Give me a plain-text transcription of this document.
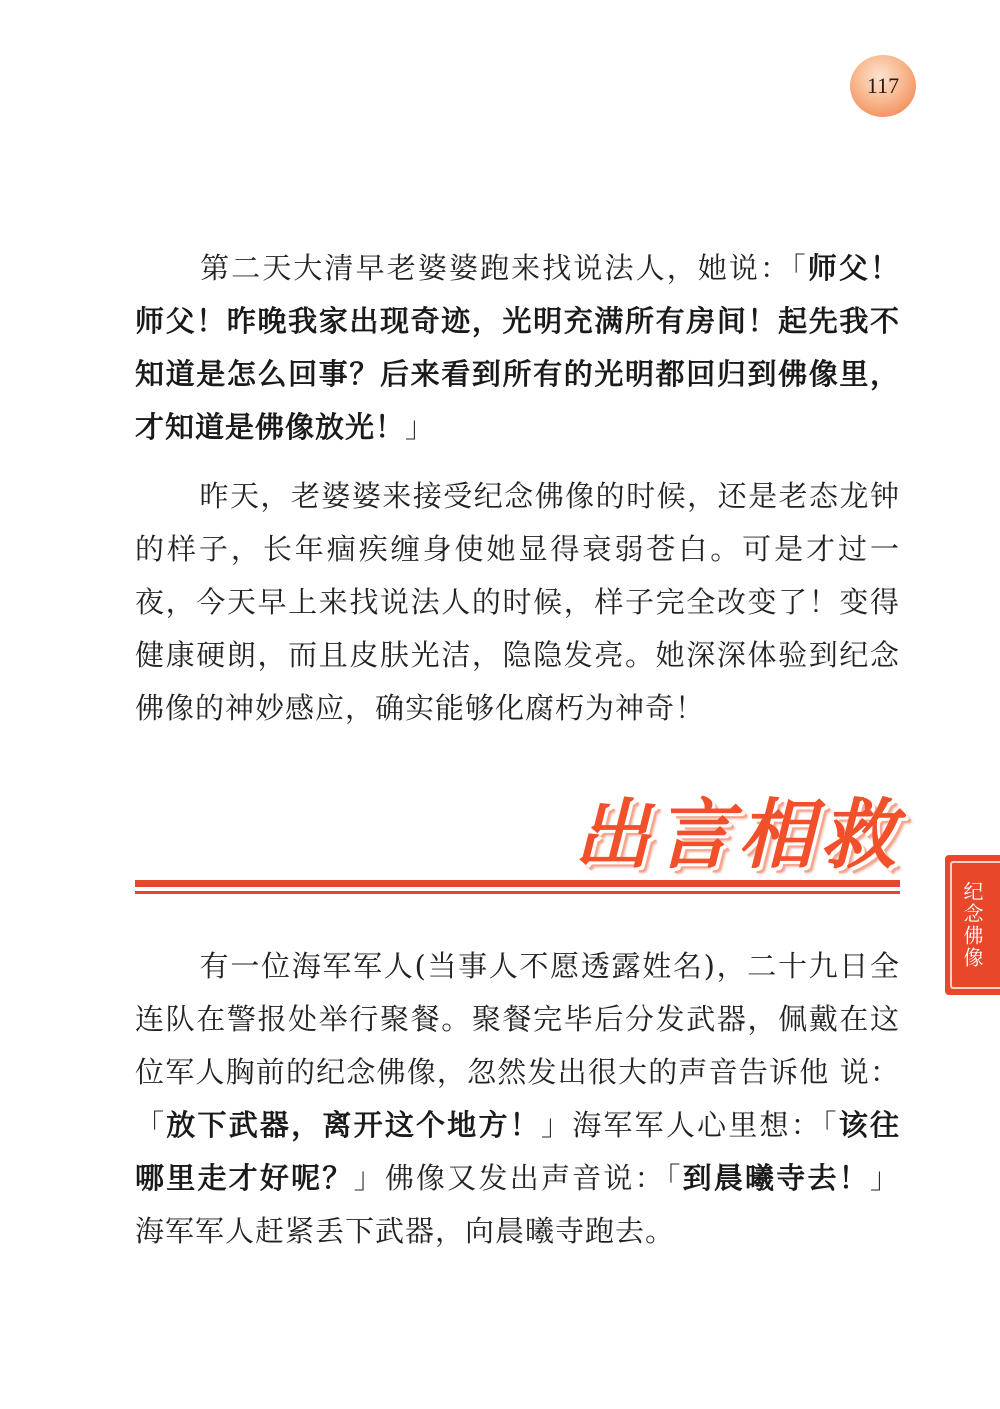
117

第二天大清早老婆婆跑来找说法人，她说：「师父！师父！昨晚我家出现奇迹，光明充满所有房间！起先我不知道是怎么回事？后来看到所有的光明都回归到佛像里，才知道是佛像放光！」

昨天，老婆婆来接受纪念佛像的时候，还是老态龙钟的样子，长年痼疾缠身使她显得衰弱苍白。可是才过一夜，今天早上来找说法人的时候，样子完全改变了！变得健康硬朗，而且皮肤光洁，隐隐发亮。她深深体验到纪念佛像的神妙感应，确实能够化腐朽为神奇！

出言相救
纪念佛像

有一位海军军人(当事人不愿透露姓名)，二十九日全连队在警报处举行聚餐。聚餐完毕后分发武器，佩戴在这位军人胸前的纪念佛像，忽然发出很大的声音告诉他 说：「放下武器，离开这个地方！」海军军人心里想：「该往哪里走才好呢？」佛像又发出声音说：「到晨曦寺去！」海军军人赶紧丢下武器，向晨曦寺跑去。
